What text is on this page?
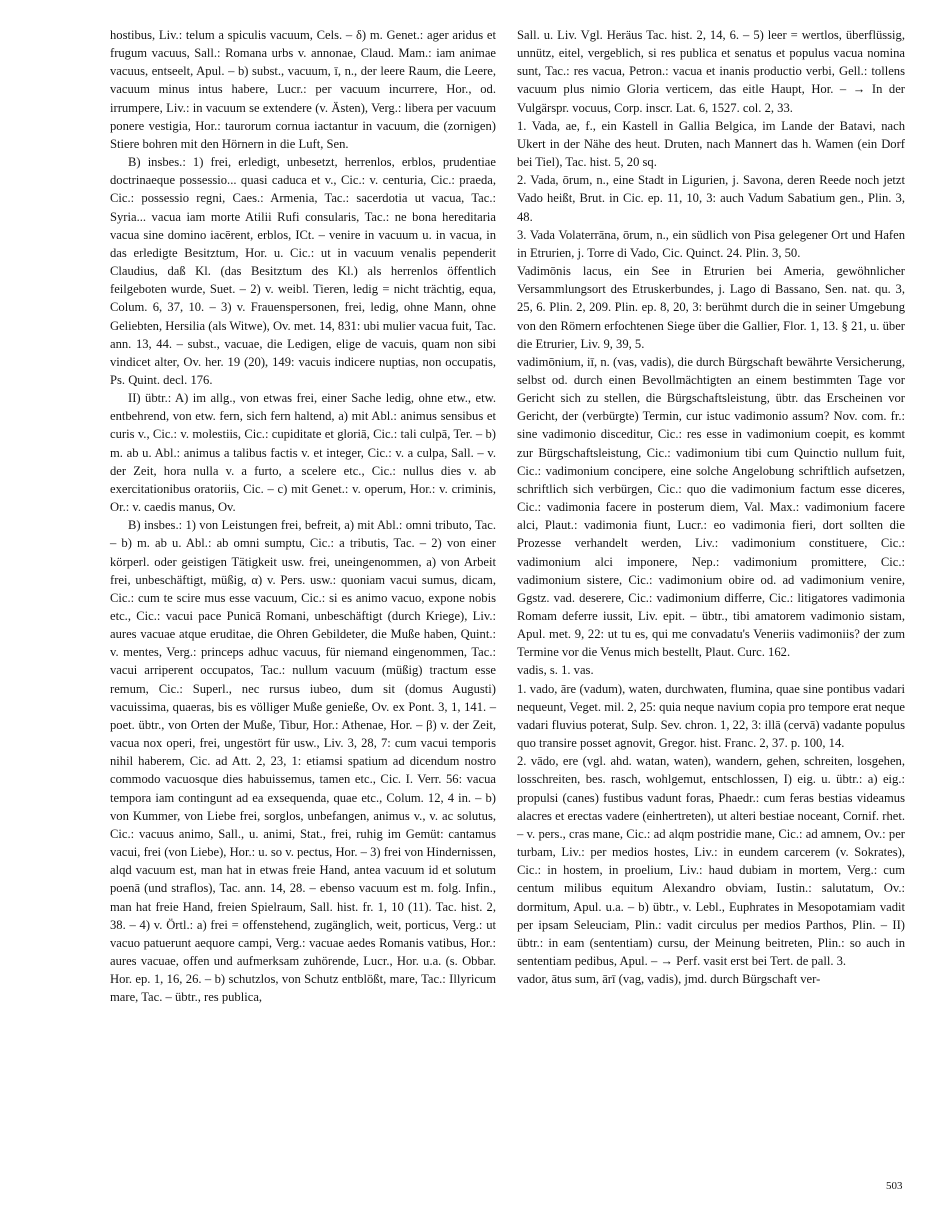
hostibus, Liv.: telum a spiculis vacuum, Cels. – δ) m. Genet.: ager aridus et frugum vacuus, Sall.: Romana urbs v. annonae, Claud. Mam.: iam animae vacuus, entseelt, Apul. – b) subst., vacuum, ī, n., der leere Raum, die Leere, vacuum minus intus habere, Lucr.: per vacuum incurrere, Hor., od. irrumpere, Liv.: in vacuum se extendere (v. Ästen), Verg.: libera per vacuum ponere vestigia, Hor.: taurorum cornua iactantur in vacuum, die (zornigen) Stiere bohren mit den Hörnern in die Luft, Sen.

B) insbes.: 1) frei, erledigt, unbesetzt, herrenlos, erblos, prudentiae doctrinaeque possessio... quasi caduca et v., Cic.: v. centuria, Cic.: praeda, Cic.: possessio regni, Caes.: Armenia, Tac.: sacerdotia ut vacua, Tac.: Syria... vacua iam morte Atilii Rufi consularis, Tac.: ne bona hereditaria vacua sine domino iacērent, erblos, ICt. – venire in vacuum u. in vacua, in das erledigte Besitztum, Hor. u. Cic.: ut in vacuum venalis pependerit Claudius, daß Kl. (das Besitztum des Kl.) als herrenlos öffentlich feilgeboten wurde, Suet. – 2) v. weibl. Tieren, ledig = nicht trächtig, equa, Colum. 6, 37, 10. – 3) v. Frauenspersonen, frei, ledig, ohne Mann, ohne Geliebten, Hersilia (als Witwe), Ov. met. 14, 831: ubi mulier vacua fuit, Tac. ann. 13, 44. – subst., vacuae, die Ledigen, elige de vacuis, quam non sibi vindicet alter, Ov. her. 19 (20), 149: vacuis indicere nuptias, non occupatis, Ps. Quint. decl. 176.

II) übtr.: A) im allg., von etwas frei, einer Sache ledig, ohne etw., etw. entbehrend, von etw. fern, sich fern haltend, a) mit Abl.: animus sensibus et curis v., Cic.: v. molestiis, Cic.: cupiditate et gloriā, Cic.: tali culpā, Ter. – b) m. ab u. Abl.: animus a talibus factis v. et integer, Cic.: v. a culpa, Sall. – v. der Zeit, hora nulla v. a furto, a scelere etc., Cic.: nullus dies v. ab exercitationibus oratoriis, Cic. – c) mit Genet.: v. operum, Hor.: v. criminis, Or.: v. caedis manus, Ov.

B) insbes.: 1) von Leistungen frei, befreit, a) mit Abl.: omni tributo, Tac. – b) m. ab u. Abl.: ab omni sumptu, Cic.: a tributis, Tac. – 2) von einer körperl. oder geistigen Tätigkeit usw. frei, uneingenommen, a) von Arbeit frei, unbeschäftigt, müßig, α) v. Pers. usw.: quoniam vacui sumus, dicam, Cic.: cum te scire mus esse vacuum, Cic.: si es animo vacuo, expone nobis etc., Cic.: vacui pace Punicā Romani, unbeschäftigt (durch Kriege), Liv.: aures vacuae atque eruditae, die Ohren Gebildeter, die Muße haben, Quint.: v. mentes, Verg.: princeps adhuc vacuus, für niemand eingenommen, Tac.: vacui arriperent occupatos, Tac.: nullum vacuum (müßig) tractum esse remum, Cic.: Superl., nec rursus iubeo, dum sit (domus Augusti) vacuissima, quaeras, bis es völliger Muße genieße, Ov. ex Pont. 3, 1, 141. – poet. übtr., von Orten der Muße, Tibur, Hor.: Athenae, Hor. – β) v. der Zeit, vacua nox operi, frei, ungestört für usw., Liv. 3, 28, 7: cum vacui temporis nihil haberem, Cic. ad Att. 2, 23, 1: etiamsi spatium ad dicendum nostro commodo vacuosque dies habuissemus, tamen etc., Cic. I. Verr. 56: vacua tempora iam contingunt ad ea exsequenda, quae etc., Colum. 12, 4 in. – b) von Kummer, von Liebe frei, sorglos, unbefangen, animus v., v. ac solutus, Cic.: vacuus animo, Sall., u. animi, Stat., frei, ruhig im Gemüt: cantamus vacui, frei (von Liebe), Hor.: u. so v. pectus, Hor. – 3) frei von Hindernissen, alqd vacuum est, man hat in etwas freie Hand, antea vacuum id et solutum poenā (und straflos), Tac. ann. 14, 28. – ebenso vacuum est m. folg. Infin., man hat freie Hand, freien Spielraum, Sall. hist. fr. 1, 10 (11). Tac. hist. 2, 38. – 4) v. Örtl.: a) frei = offenstehend, zugänglich, weit, porticus, Verg.: ut vacuo patuerunt aequore campi, Verg.: vacuae aedes Romanis vatibus, Hor.: aures vacuae, offen und aufmerksam zuhörende, Lucr., Hor. u.a. (s. Obbar. Hor. ep. 1, 16, 26. – b) schutzlos, von Schutz entblößt, mare, Tac.: Illyricum mare, Tac. – übtr., res publica,

Sall. u. Liv. Vgl. Heräus Tac. hist. 2, 14, 6. – 5) leer = wertlos, überflüssig, unnütz, eitel, vergeblich, si res publica et senatus et populus vacua nomina sunt, Tac.: res vacua, Petron.: vacua et inanis productio verbi, Gell.: tollens vacuum plus nimio Gloria verticem, das eitle Haupt, Hor. – → In der Vulgärspr. vocuus, Corp. inscr. Lat. 6, 1527. col. 2, 33.

1. Vada, ae, f., ein Kastell in Gallia Belgica, im Lande der Batavi, nach Ukert in der Nähe des heut. Druten, nach Mannert das h. Wamen (ein Dorf bei Tiel), Tac. hist. 5, 20 sq.

2. Vada, ōrum, n., eine Stadt in Ligurien, j. Savona, deren Reede noch jetzt Vado heißt, Brut. in Cic. ep. 11, 10, 3: auch Vadum Sabatium gen., Plin. 3, 48.

3. Vada Volaterrāna, ōrum, n., ein südlich von Pisa gelegener Ort und Hafen in Etrurien, j. Torre di Vado, Cic. Quinct. 24. Plin. 3, 50.

Vadimōnis lacus, ein See in Etrurien bei Ameria, gewöhnlicher Versammlungsort des Etruskerbundes, j. Lago di Bassano, Sen. nat. qu. 3, 25, 6. Plin. 2, 209. Plin. ep. 8, 20, 3: berühmt durch die in seiner Umgebung von den Römern erfochtenen Siege über die Gallier, Flor. 1, 13. § 21, u. über die Etrurier, Liv. 9, 39, 5.

vadimōnium, iī, n. (vas, vadis), die durch Bürgschaft bewährte Versicherung, selbst od. durch einen Bevollmächtigten an einem bestimmten Tage vor Gericht sich zu stellen, die Bürgschaftsleistung, übtr. das Erscheinen vor Gericht, der (verbürgte) Termin, cur istuc vadimonio assum? Nov. com. fr.: sine vadimonio disceditur, Cic.: res esse in vadimonium coepit, es kommt zur Bürgschaftsleistung, Cic.: vadimonium tibi cum Quinctio nullum fuit, Cic.: vadimonium concipere, eine solche Angelobung schriftlich aufsetzen, schriftlich sich verbürgen, Cic.: quo die vadimonium factum esse diceres, Cic.: vadimonia facere in posterum diem, Val. Max.: vadimonium facere alci, Plaut.: vadimonia fiunt, Lucr.: eo vadimonia fieri, dort sollten die Prozesse verhandelt werden, Liv.: vadimonium constituere, Cic.: vadimonium alci imponere, Nep.: vadimonium promittere, Cic.: vadimonium sistere, Cic.: vadimonium obire od. ad vadimonium venire, Ggstz. vad. deserere, Cic.: vadimonium differre, Cic.: litigatores vadimonia Romam deferre iussit, Liv. epit. – übtr., tibi amatorem vadimonio sistam, Apul. met. 9, 22: ut tu es, qui me convadatu's Veneriis vadimoniis? der zum Termine vor die Venus mich bestellt, Plaut. Curc. 162.

vadis, s. 1. vas.

1. vado, āre (vadum), waten, durchwaten, flumina, quae sine pontibus vadari nequeunt, Veget. mil. 2, 25: quia neque navium copia pro tempore erat neque vadari fluvius poterat, Sulp. Sev. chron. 1, 22, 3: illā (cervā) vadante populus quo transire posset agnovit, Gregor. hist. Franc. 2, 37. p. 100, 14.

2. vādo, ere (vgl. ahd. watan, waten), wandern, gehen, schreiten, losgehen, losschreiten, bes. rasch, wohlgemut, entschlossen, I) eig. u. übtr.: a) eig.: propulsi (canes) fustibus vadunt foras, Phaedr.: cum feras bestias videamus alacres et erectas vadere (einhertreten), ut alteri bestiae noceant, Cornif. rhet. – v. pers., cras mane, Cic.: ad alqm postridie mane, Cic.: ad amnem, Ov.: per turbam, Liv.: per medios hostes, Liv.: in eundem carcerem (v. Sokrates), Cic.: in hostem, in proelium, Liv.: haud dubiam in mortem, Verg.: cum centum milibus equitum Alexandro obviam, Iustin.: salutatum, Ov.: dormitum, Apul. u.a. – b) übtr., v. Lebl., Euphrates in Mesopotamiam vadit per ipsam Seleuciam, Plin.: vadit circulus per medios Parthos, Plin. – II) übtr.: in eam (sententiam) cursu, der Meinung beitreten, Plin.: so auch in sententiam pedibus, Apul. – → Perf. vasit erst bei Tert. de pall. 3.

vador, ātus sum, ārī (vag, vadis), jmd. durch Bürgschaft ver-

503
